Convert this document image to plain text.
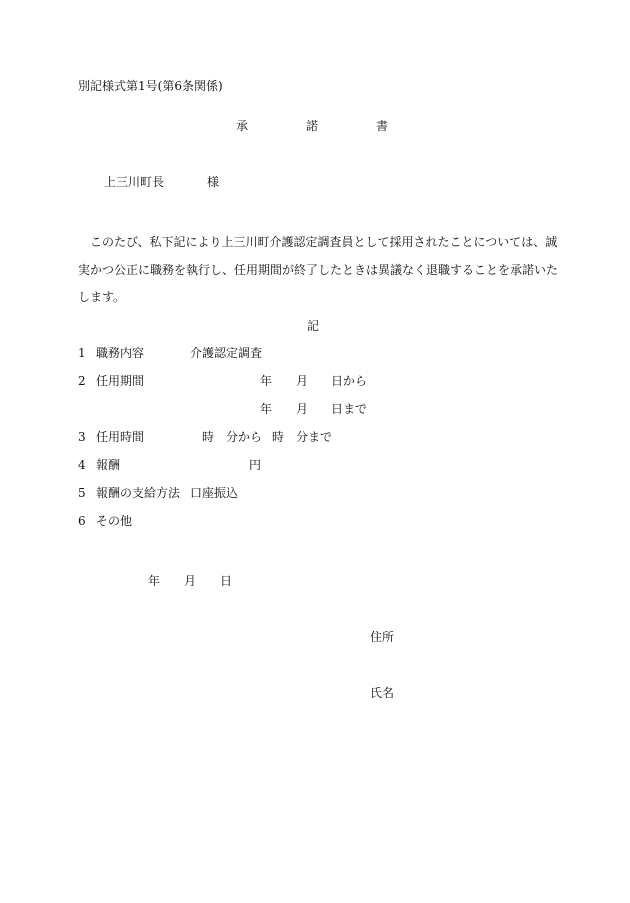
別記様式第1号(第6条関係)
承	諾	書
上三川町長	様
このたび、私下記により上三川町介護認定調査員として採用されたことについては、誠
実かつ公正に職務を執行し、任用期間が終了したときは異議なく退職することを承諾いた
します。
記
1 職務内容	介護認定調査
2 任用期間	年 月 日から
年 月 日まで
3 任用時間	時 分から 時 分まで
4 報酬	円
5 報酬の支給方法 口座振込
6 その他
年 月 日
住所
氏名
